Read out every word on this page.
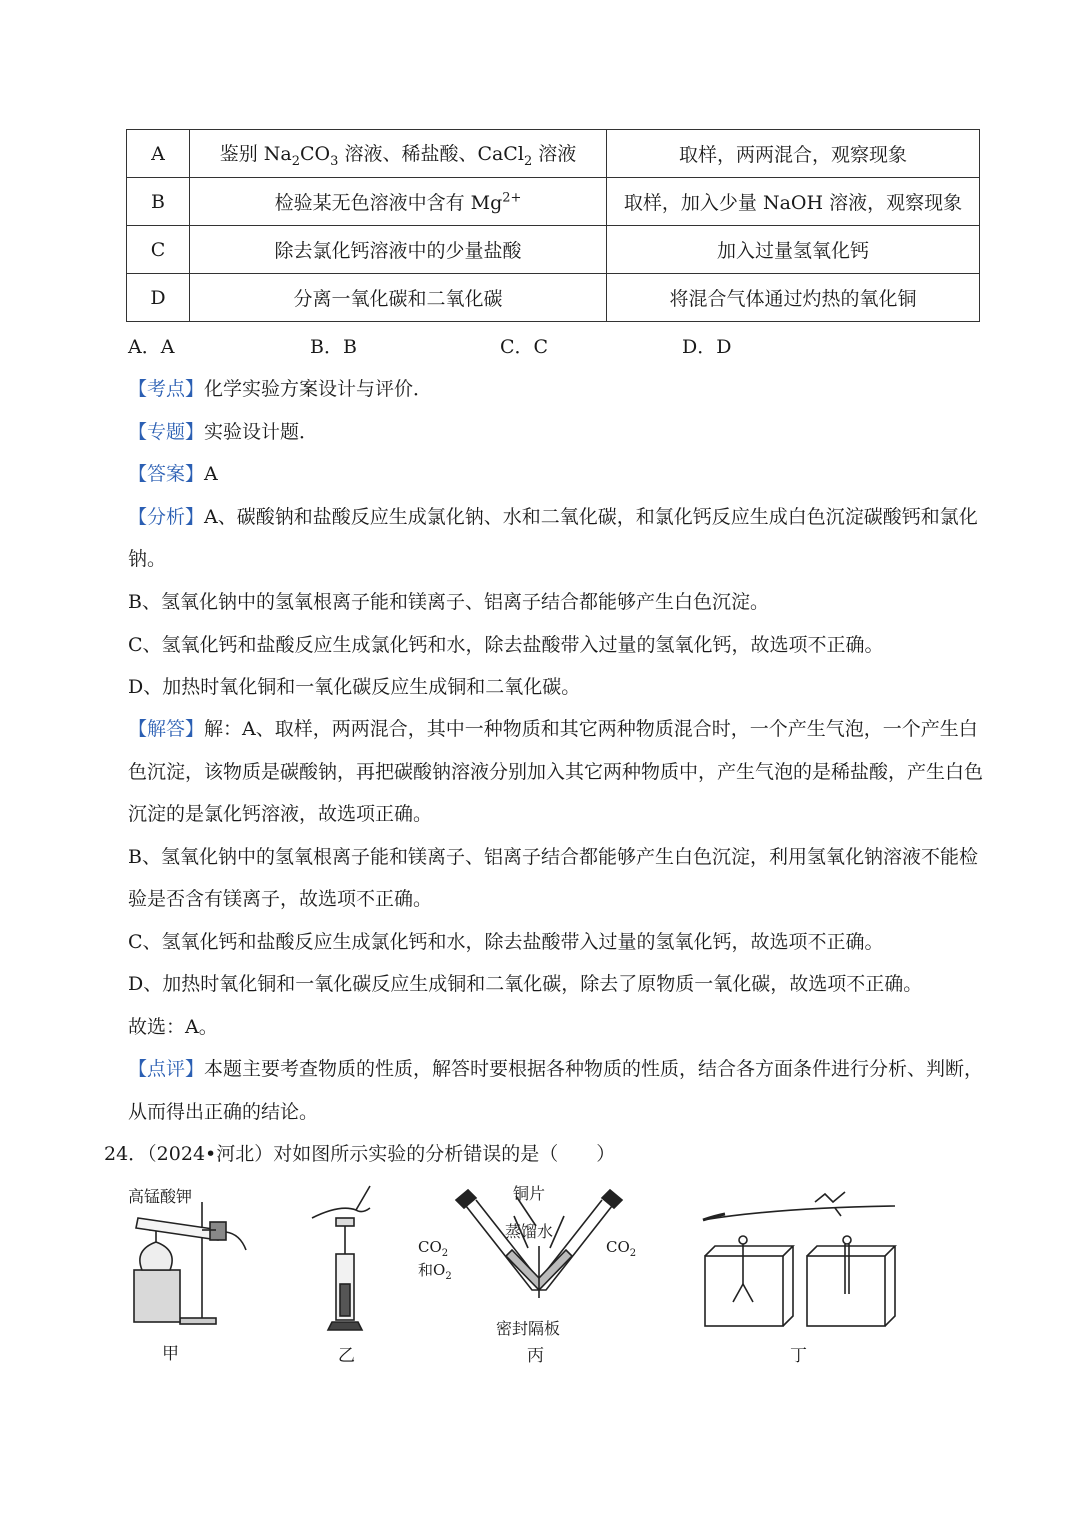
A	鉴别 $Na_2CO_3$ 溶液、稀盐酸、CaCl$_2$ 溶液	取样，两两混合，观察现象
B	检验某无色溶液中含有 $Mg^{2+}$	取样，加入少量 NaOH 溶液，观察现象
C	除去氯化钙溶液中的少量盐酸	加入过量氢氧化钙
D	分离一氧化碳和二氧化碳	将混合气体通过灼热的氧化铜
A．A	B．B	C．C	D．D
【考点】化学实验方案设计与评价．
【专题】实验设计题．
【答案】A
【分析】A、碳酸钠和盐酸反应生成氯化钠、水和二氧化碳，和氯化钙反应生成白色沉淀碳酸钙和氯化
钠。
B、氢氧化钠中的氢氧根离子能和镁离子、铝离子结合都能够产生白色沉淀。
C、氢氧化钙和盐酸反应生成氯化钙和水，除去盐酸带入过量的氢氧化钙，故选项不正确。
D、加热时氧化铜和一氧化碳反应生成铜和二氧化碳。
【解答】解：A、取样，两两混合，其中一种物质和其它两种物质混合时，一个产生气泡，一个产生白
色沉淀，该物质是碳酸钠，再把碳酸钠溶液分别加入其它两种物质中，产生气泡的是稀盐酸，产生白色
沉淀的是氯化钙溶液，故选项正确。
B、氢氧化钠中的氢氧根离子能和镁离子、铝离子结合都能够产生白色沉淀，利用氢氧化钠溶液不能检
验是否含有镁离子，故选项不正确。
C、氢氧化钙和盐酸反应生成氯化钙和水，除去盐酸带入过量的氢氧化钙，故选项不正确。
D、加热时氧化铜和一氧化碳反应生成铜和二氧化碳，除去了原物质一氧化碳，故选项不正确。
故选：A。
【点评】本题主要考查物质的性质，解答时要根据各种物质的性质，结合各方面条件进行分析、判断，
从而得出正确的结论。
24．（2024•河北）对如图所示实验的分析错误的是（　　）
高锰酸钾
甲	乙
铜片
蒸馏水
$CO_2$
和$O_2$
$CO_2$
密封隔板
丙	丁
